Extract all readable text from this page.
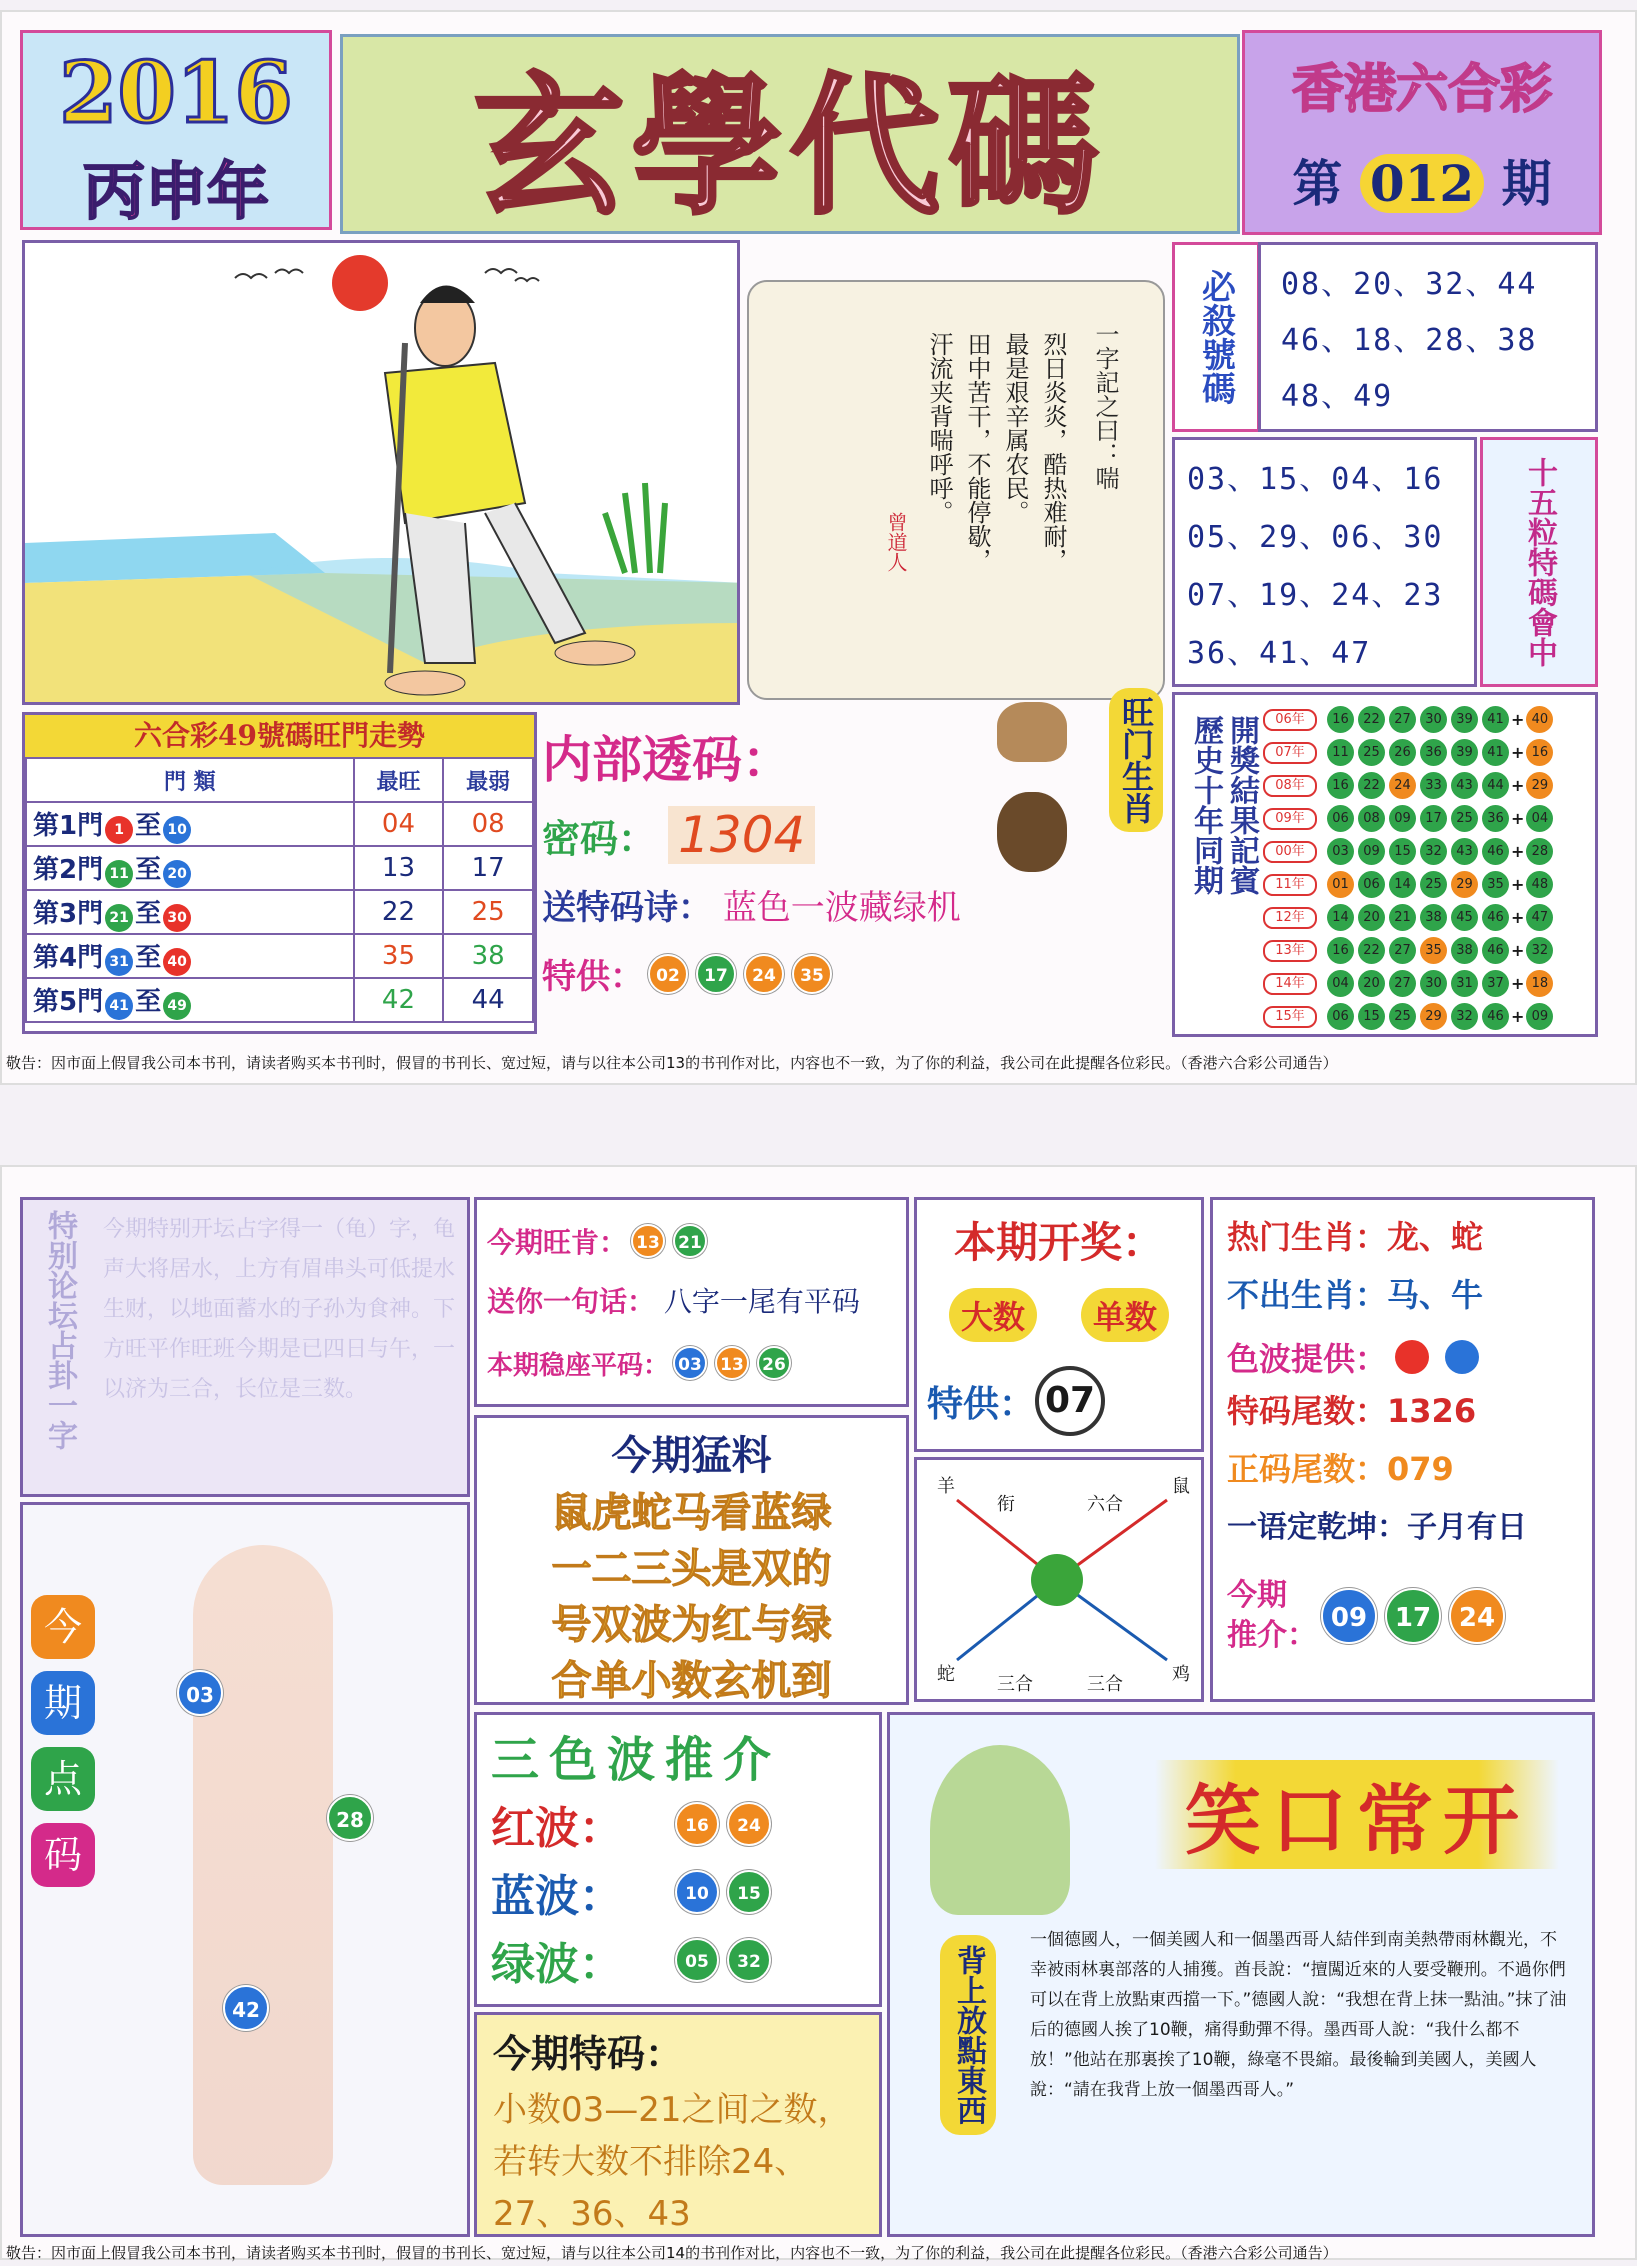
2016
丙申年	玄學代碼	香港六合彩
第 012 期
一字記之曰：喘
烈日炎炎，酷热难耐，
最是艰辛属农民。
田中苦干，不能停歇，
汗流夹背喘呼呼。
曾道人
必殺號碼 08、20、32、44
46、18、28、38
48、49
03、15、04、16
05、29、06、30
07、19、24、23
36、41、47	十五粒特碼會中
六合彩49號碼旺門走勢
門 類	最旺	最弱
第1門 1 至 10	04	08
第2門 11 至 20	13	17
第3門 21 至 30	22	25
第4門 31 至 40	35	38
第5門 41 至 49	42	44
内部透码：
密码： 1304
送特码诗： 蓝色一波藏绿机
特供： 02	17	24	35
旺门生肖 歷史十年同期 開獎結果記賓	06年	16	22	27	30	39	41 + 40
07年	11	25	26	36	39	41 + 16
08年	16	22	24	33	43	44 + 29
09年	06	08	09	17	25	36 + 04
00年	03	09	15	32	43	46 + 28
11年	01	06	14	25	29	35 + 48
12年	14	20	21	38	45	46 + 47
13年	16	22	27	35	38	46 + 32
14年	04	20	27	30	31	37 + 18
15年	06	15	25	29	32	46 + 09
敬告：因市面上假冒我公司本书刊，请读者购买本书刊时，假冒的书刊长、宽过短，请与以往本公司13的书刊作对比，内容也不一致，为了你的利益，我公司在此提醒各位彩民。（香港六合彩公司通告）
特别论坛占卦一字 今期特别开坛占字得一（龟）字，龟声大将居水，上方有眉串头可低提水生财，以地面蓄水的子孙为食神。下方旺平作旺班今期是已四日与午，一以济为三合，长位是三数。
今期旺肯： 13	21
送你一句话： 八字一尾有平码
本期稳座平码： 03	13	26
本期开奖：
大数	单数
特供： 07
热门生肖：龙、蛇
不出生肖：马、牛
色波提供：
特码尾数：1326
正码尾数：079
一语定乾坤：子月有日
今期
推介： 09	17	24
今期猛料
鼠虎蛇马看蓝绿
一二三头是双的
号双波为红与绿
合单小数玄机到
羊
衔	六合
鼠
蛇 三合	三合	鸡
今
期
点
码
03
28
42
三色波推介
红波：	16	24
蓝波：	10	15
绿波：	05	32
今期特码：
小数03—21之间之数，若转大数不排除24、27、36、43
笑口常开
背上放點東西
一個德國人，一個美國人和一個墨西哥人結伴到南美熱帶雨林觀光，不幸被雨林裏部落的人捕獲。酋長說：“擅闖近來的人要受鞭刑。不過你們可以在背上放點東西擋一下。”德國人說：“我想在背上抹一點油。”抹了油后的德國人挨了10鞭，痛得動彈不得。墨西哥人說：“我什么都不放！”他站在那裏挨了10鞭，綠毫不畏縮。最後輪到美國人，美國人說：“請在我背上放一個墨西哥人。”
敬告：因市面上假冒我公司本书刊，请读者购买本书刊时，假冒的书刊长、宽过短，请与以往本公司14的书刊作对比，内容也不一致，为了你的利益，我公司在此提醒各位彩民。（香港六合彩公司通告）
